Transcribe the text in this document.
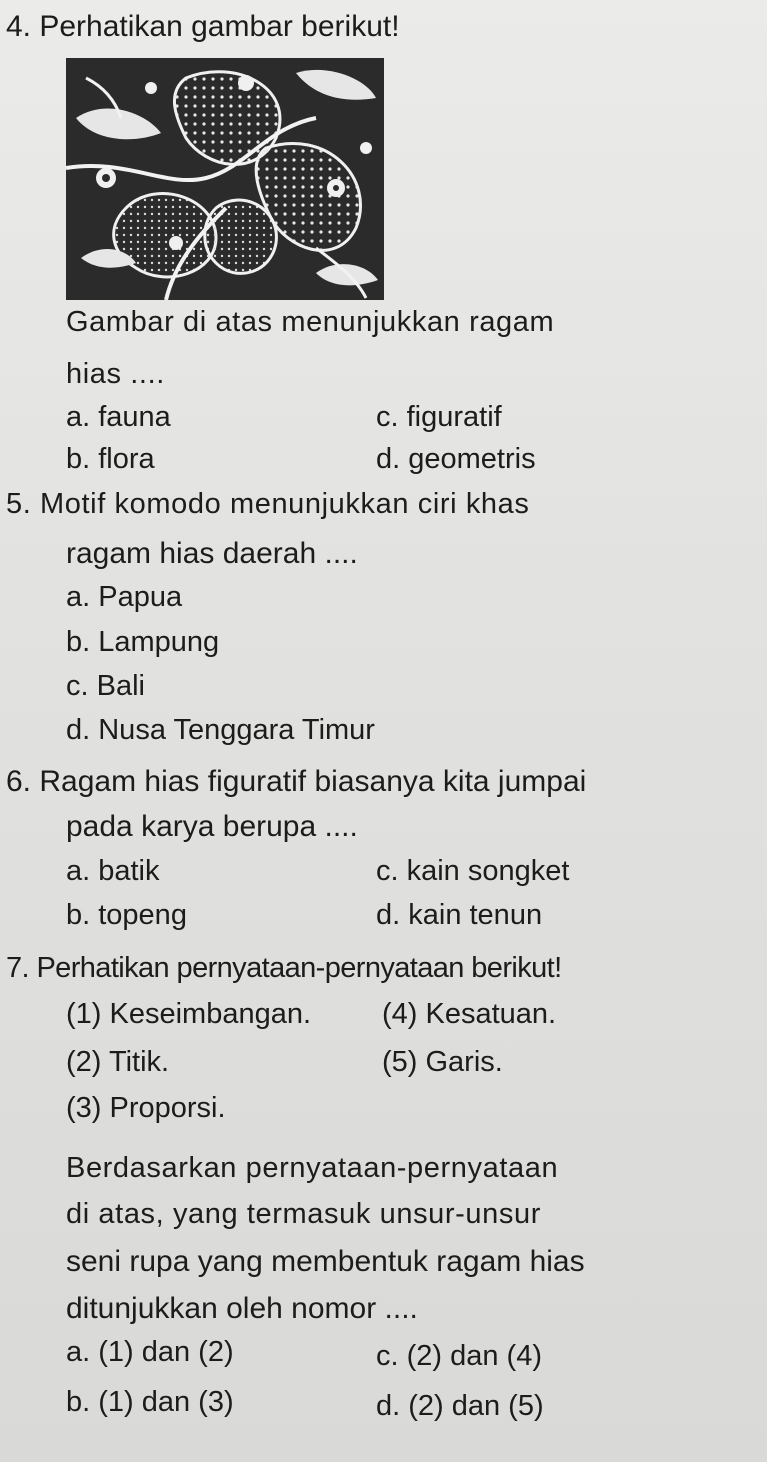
4. Perhatikan gambar berikut!
Gambar di atas menunjukkan ragam
hias ....
a. fauna	c. figuratif
b. flora	d. geometris
5. Motif komodo menunjukkan ciri khas
ragam hias daerah ....
a. Papua
b. Lampung
c. Bali
d. Nusa Tenggara Timur
6. Ragam hias figuratif biasanya kita jumpai
pada karya berupa ....
a. batik	c. kain songket
b. topeng	d. kain tenun
7. Perhatikan pernyataan-pernyataan berikut!
(1) Keseimbangan. (4) Kesatuan.
(2) Titik.	(5) Garis.
(3) Proporsi.
Berdasarkan pernyataan-pernyataan
di atas, yang termasuk unsur-unsur
seni rupa yang membentuk ragam hias
ditunjukkan oleh nomor ....
a. (1) dan (2)	c. (2) dan (4)
b. (1) dan (3)	d. (2) dan (5)
